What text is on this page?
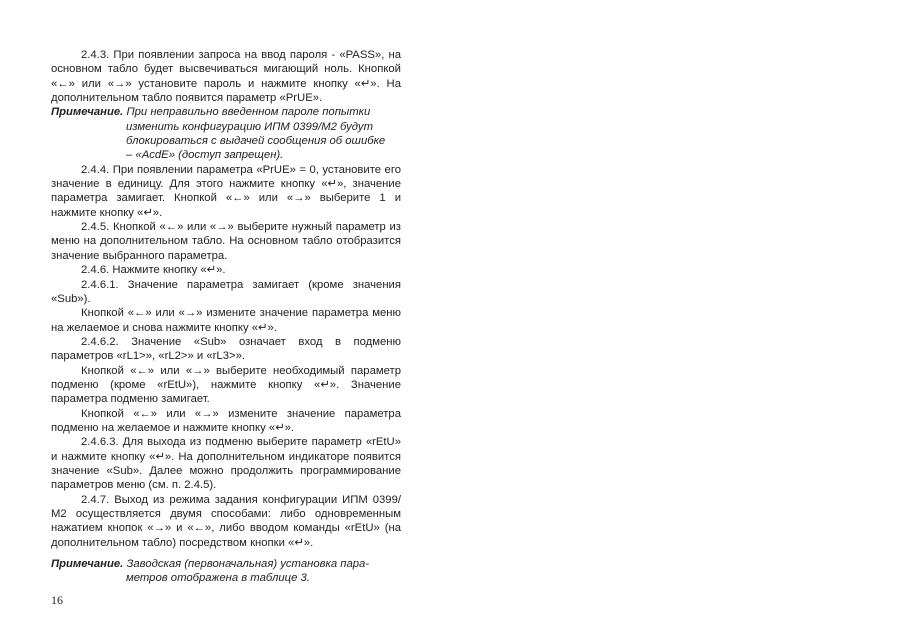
2.4.3. При появлении запроса на ввод пароля - «PASS», на основном табло будет высвечиваться мигающий ноль. Кнопкой «←» или «→» установите пароль и нажмите кнопку «↵». На дополнительном табло появится параметр «PrUE».

Примечание. При неправильно введенном пароле попытки
изменить конфигурацию ИПМ 0399/М2 будут
блокироваться с выдачей сообщения об ошибке
– «AcdE» (доступ запрещен).

2.4.4. При появлении параметра «PrUE» = 0, установите его значение в единицу. Для этого нажмите кнопку «↵», значение параметра замигает. Кнопкой «←» или «→» выберите 1 и нажмите кнопку «↵».

2.4.5. Кнопкой «←» или «→» выберите нужный параметр из меню на дополнительном табло. На основном табло отобразится значение выбранного параметра.

2.4.6. Нажмите кнопку «↵».

2.4.6.1. Значение параметра замигает (кроме значения «Sub»).

Кнопкой «←» или «→» измените значение параметра меню на желаемое и снова нажмите кнопку «↵».

2.4.6.2. Значение «Sub» означает вход в подменю параметров «rL1>», «rL2>» и «rL3>».

Кнопкой «←» или «→» выберите необходимый параметр подменю (кроме «rEtU»), нажмите кнопку «↵». Значение параметра подменю замигает.

Кнопкой «←» или «→» измените значение параметра подменю на желаемое и нажмите кнопку «↵».

2.4.6.3. Для выхода из подменю выберите параметр «rEtU» и нажмите кнопку «↵». На дополнительном индикаторе появится значение «Sub». Далее можно продолжить программирование параметров меню (см. п. 2.4.5).

2.4.7. Выход из режима задания конфигурации ИПМ 0399/М2 осуществляется двумя способами: либо одновременным нажатием кнопок «→» и «←», либо вводом команды «rEtU» (на дополнительном табло) посредством кнопки «↵».

Примечание. Заводская (первоначальная) установка пара-
метров отображена в таблице 3.
16
